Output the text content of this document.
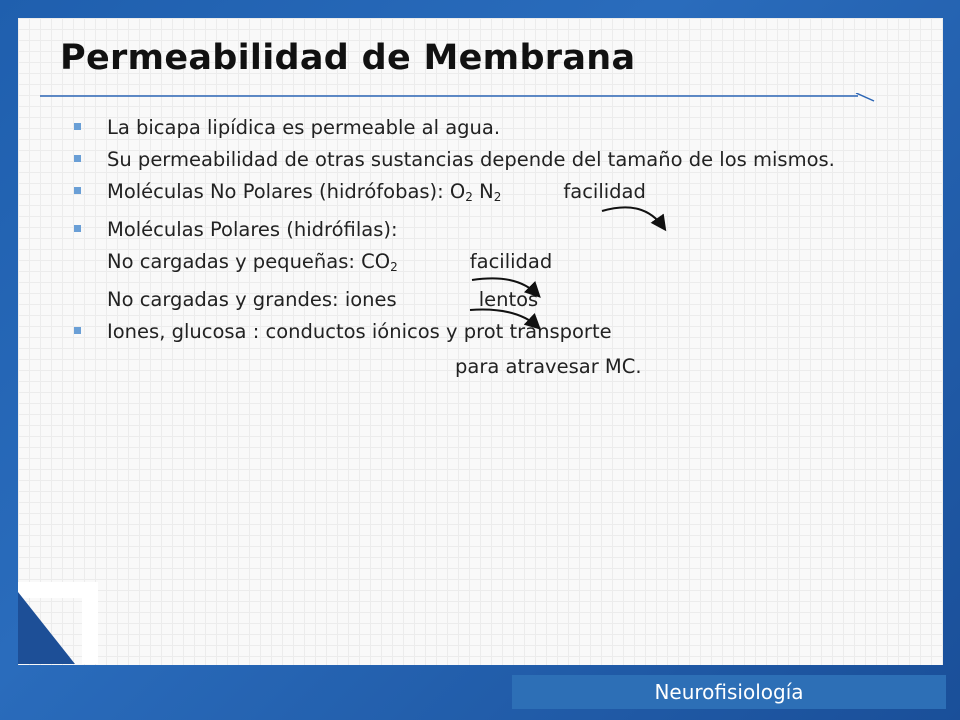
Permeabilidad de Membrana
La bicapa lipídica es permeable al agua.
Su permeabilidad de otras sustancias depende del tamaño de los mismos.
Moléculas No Polares (hidrófobas): $O_2$ $N_2$	facilidad
Moléculas Polares (hidrófilas):
No cargadas y pequeñas: $CO_2$	facilidad
No cargadas y grandes: iones	lentos
Iones, glucosa : conductos iónicos y prot transporte
para atravesar MC.
Neurofisiología
